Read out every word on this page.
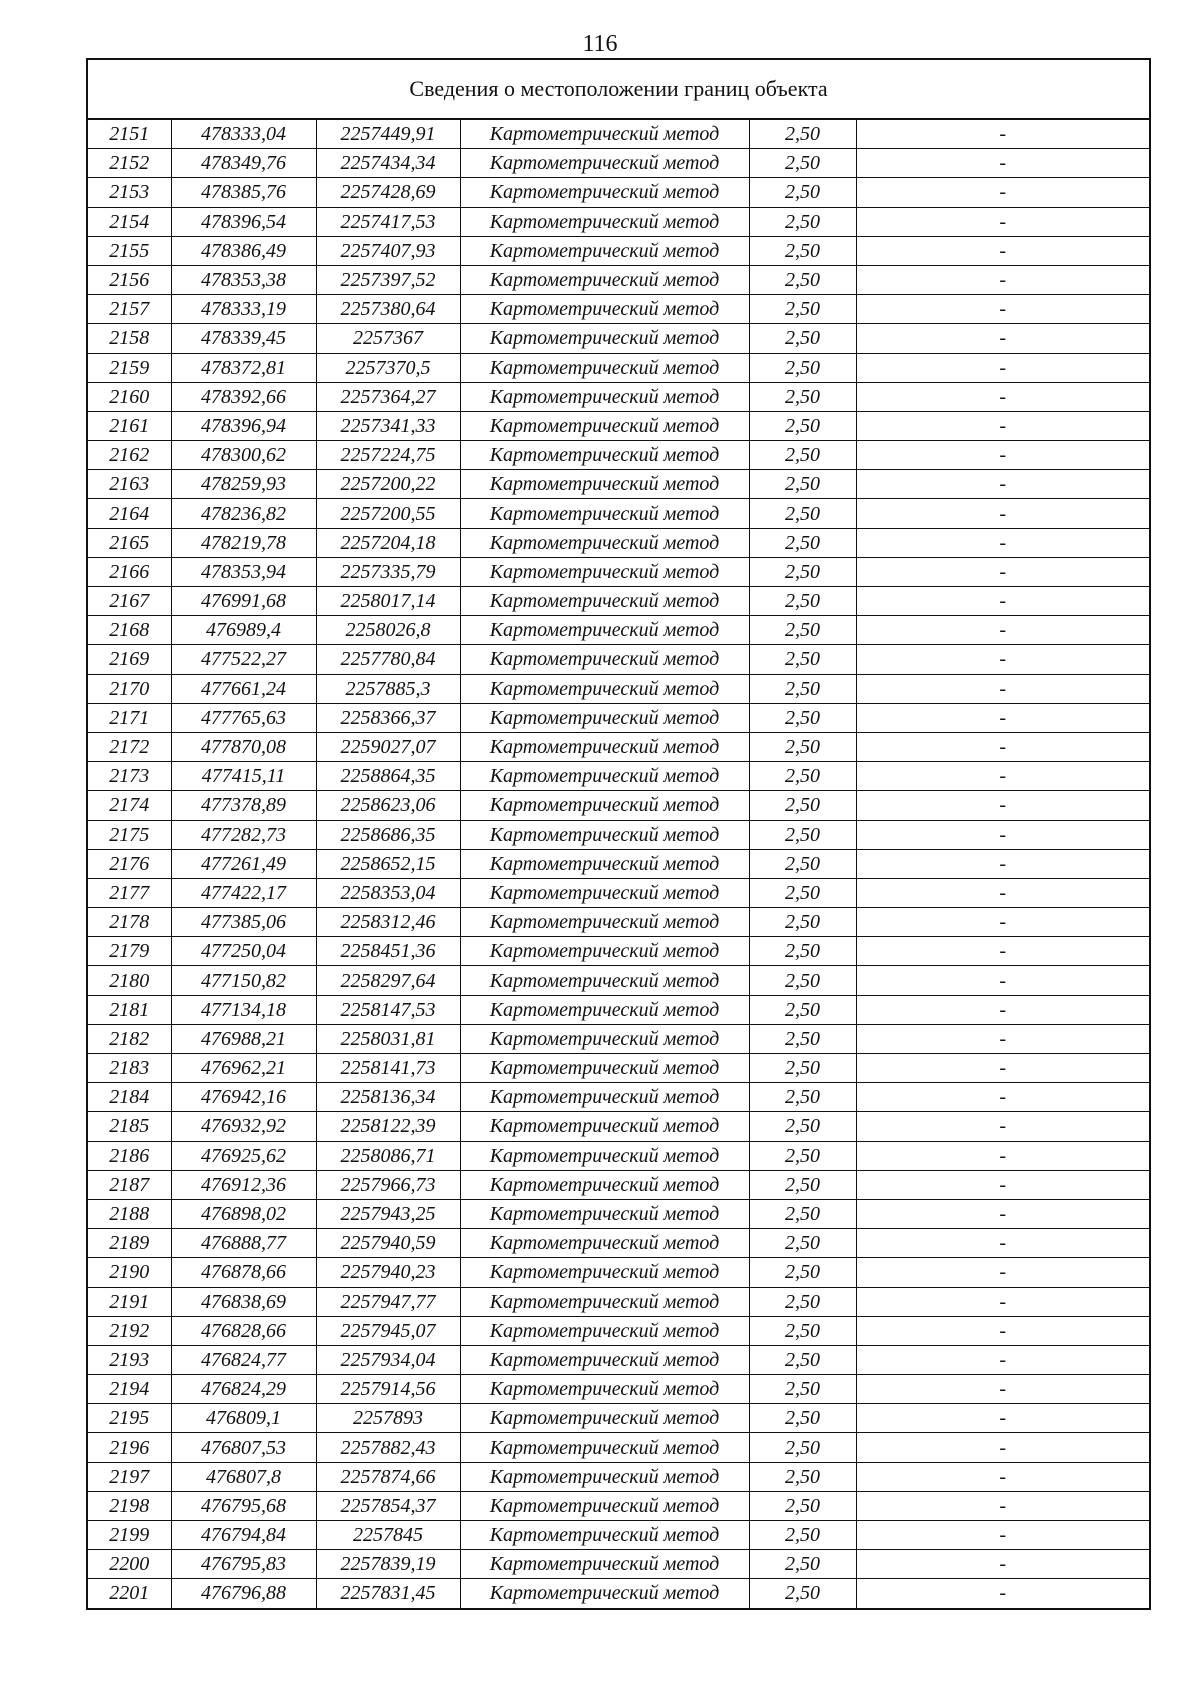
116
Сведения о местоположении границ объекта					
2151	478333,04	2257449,91	Картометрический метод	2,50	-
2152	478349,76	2257434,34	Картометрический метод	2,50	-
2153	478385,76	2257428,69	Картометрический метод	2,50	-
2154	478396,54	2257417,53	Картометрический метод	2,50	-
2155	478386,49	2257407,93	Картометрический метод	2,50	-
2156	478353,38	2257397,52	Картометрический метод	2,50	-
2157	478333,19	2257380,64	Картометрический метод	2,50	-
2158	478339,45	2257367	Картометрический метод	2,50	-
2159	478372,81	2257370,5	Картометрический метод	2,50	-
2160	478392,66	2257364,27	Картометрический метод	2,50	-
2161	478396,94	2257341,33	Картометрический метод	2,50	-
2162	478300,62	2257224,75	Картометрический метод	2,50	-
2163	478259,93	2257200,22	Картометрический метод	2,50	-
2164	478236,82	2257200,55	Картометрический метод	2,50	-
2165	478219,78	2257204,18	Картометрический метод	2,50	-
2166	478353,94	2257335,79	Картометрический метод	2,50	-
2167	476991,68	2258017,14	Картометрический метод	2,50	-
2168	476989,4	2258026,8	Картометрический метод	2,50	-
2169	477522,27	2257780,84	Картометрический метод	2,50	-
2170	477661,24	2257885,3	Картометрический метод	2,50	-
2171	477765,63	2258366,37	Картометрический метод	2,50	-
2172	477870,08	2259027,07	Картометрический метод	2,50	-
2173	477415,11	2258864,35	Картометрический метод	2,50	-
2174	477378,89	2258623,06	Картометрический метод	2,50	-
2175	477282,73	2258686,35	Картометрический метод	2,50	-
2176	477261,49	2258652,15	Картометрический метод	2,50	-
2177	477422,17	2258353,04	Картометрический метод	2,50	-
2178	477385,06	2258312,46	Картометрический метод	2,50	-
2179	477250,04	2258451,36	Картометрический метод	2,50	-
2180	477150,82	2258297,64	Картометрический метод	2,50	-
2181	477134,18	2258147,53	Картометрический метод	2,50	-
2182	476988,21	2258031,81	Картометрический метод	2,50	-
2183	476962,21	2258141,73	Картометрический метод	2,50	-
2184	476942,16	2258136,34	Картометрический метод	2,50	-
2185	476932,92	2258122,39	Картометрический метод	2,50	-
2186	476925,62	2258086,71	Картометрический метод	2,50	-
2187	476912,36	2257966,73	Картометрический метод	2,50	-
2188	476898,02	2257943,25	Картометрический метод	2,50	-
2189	476888,77	2257940,59	Картометрический метод	2,50	-
2190	476878,66	2257940,23	Картометрический метод	2,50	-
2191	476838,69	2257947,77	Картометрический метод	2,50	-
2192	476828,66	2257945,07	Картометрический метод	2,50	-
2193	476824,77	2257934,04	Картометрический метод	2,50	-
2194	476824,29	2257914,56	Картометрический метод	2,50	-
2195	476809,1	2257893	Картометрический метод	2,50	-
2196	476807,53	2257882,43	Картометрический метод	2,50	-
2197	476807,8	2257874,66	Картометрический метод	2,50	-
2198	476795,68	2257854,37	Картометрический метод	2,50	-
2199	476794,84	2257845	Картометрический метод	2,50	-
2200	476795,83	2257839,19	Картометрический метод	2,50	-
2201	476796,88	2257831,45	Картометрический метод	2,50	-
